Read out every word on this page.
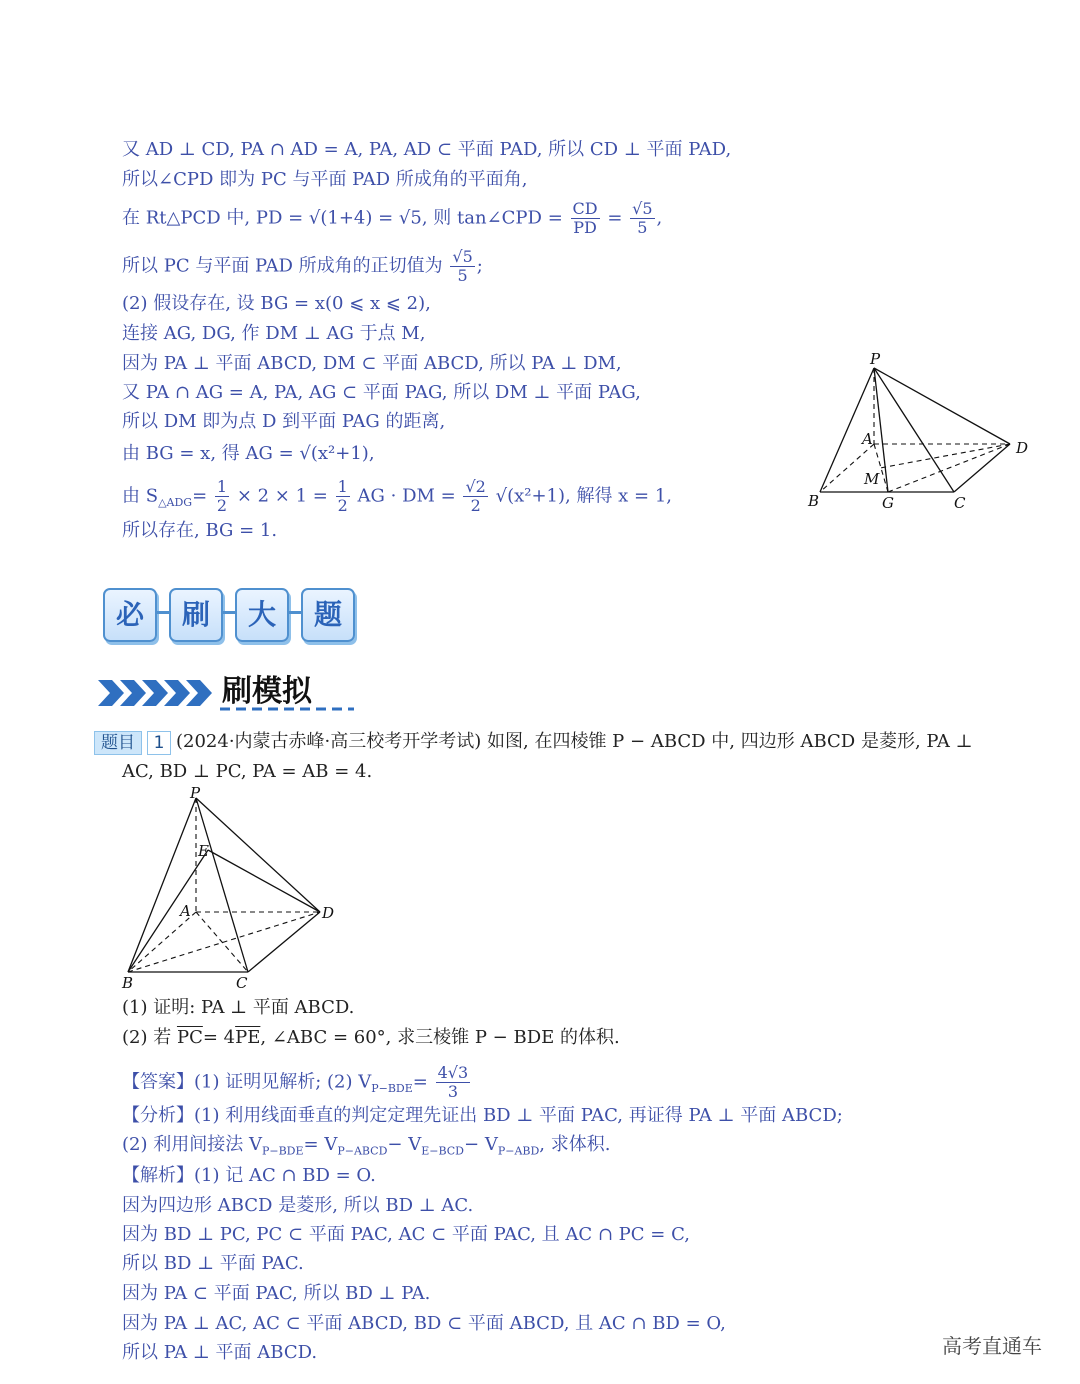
又 AD ⊥ CD, PA ∩ AD = A, PA, AD ⊂ 平面 PAD, 所以 CD ⊥ 平面 PAD,
所以∠CPD 即为 PC 与平面 PAD 所成角的平面角,
在 Rt△PCD 中, PD = √(1+4) = √5, 则 tan∠CPD = $\frac{CD}{PD} = \frac{√5}{5}$ ,
所以 PC 与平面 PAD 所成角的正切值为 $\frac{√5}{5}$ ;
(2) 假设存在, 设 BG = x(0 ⩽ x ⩽ 2),
连接 AG, DG, 作 DM ⊥ AG 于点 M,
因为 PA ⊥ 平面 ABCD, DM ⊂ 平面 ABCD, 所以 PA ⊥ DM,
又 PA ∩ AG = A, PA, AG ⊂ 平面 PAG, 所以 DM ⊥ 平面 PAG,
所以 DM 即为点 D 到平面 PAG 的距离,
由 BG = x, 得 AG = √(x²+1),
由 $S_{\triangle ADG}= \frac{1}{2} \times 2 \times 1 = \frac{1}{2}$ AG · DM = $\frac{√2}{2} √(x^2+1)$, 解得 x = 1,
所以存在, BG = 1.
P
A	D
M
B	G	C
必	刷	大	题
刷模拟
题目	1 (2024·内蒙古赤峰·高三校考开学考试) 如图, 在四棱锥 P − ABCD 中, 四边形 ABCD 是菱形, PA ⊥
AC, BD ⊥ PC, PA = AB = 4.
P
E
A	D
B	C
(1) 证明: PA ⊥ 平面 ABCD.
(2) 若 $\overline{PC}= 4\overline{PE}$, ∠ABC = 60°, 求三棱锥 P − BDE 的体积.
【答案】(1) 证明见解析; (2) $V_{P-BDE}= \frac{4√3}{3}$
【分析】(1) 利用线面垂直的判定定理先证出 BD ⊥ 平面 PAC, 再证得 PA ⊥ 平面 ABCD;
(2) 利用间接法 $V_{P-BDE}= V_{P-ABCD}- V_{E-BCD}- V_{P-ABD}$, 求体积.
【解析】(1) 记 AC ∩ BD = O.
因为四边形 ABCD 是菱形, 所以 BD ⊥ AC.
因为 BD ⊥ PC, PC ⊂ 平面 PAC, AC ⊂ 平面 PAC, 且 AC ∩ PC = C,
所以 BD ⊥ 平面 PAC.
因为 PA ⊂ 平面 PAC, 所以 BD ⊥ PA.
因为 PA ⊥ AC, AC ⊂ 平面 ABCD, BD ⊂ 平面 ABCD, 且 AC ∩ BD = O,
所以 PA ⊥ 平面 ABCD.	高考直通车
